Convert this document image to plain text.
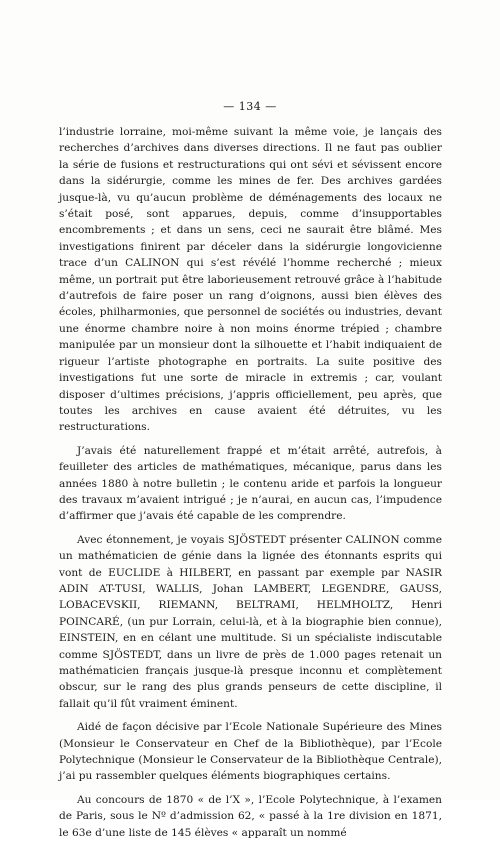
— 134 —

l’industrie lorraine, moi-même suivant la même voie, je lançais des recherches d’archives dans diverses directions. Il ne faut pas oublier la série de fusions et restructurations qui ont sévi et sévissent encore dans la sidérurgie, comme les mines de fer. Des archives gardées jusque-là, vu qu’aucun problème de déménagements des locaux ne s’était posé, sont apparues, depuis, comme d’insupportables encombrements ; et dans un sens, ceci ne saurait être blâmé. Mes investigations finirent par déceler dans la sidérurgie longovicienne trace d’un CALINON qui s’est révélé l’homme recherché ; mieux même, un portrait put être laborieusement retrouvé grâce à l’habitude d’autrefois de faire poser un rang d’oignons, aussi bien élèves des écoles, philharmonies, que personnel de sociétés ou industries, devant une énorme chambre noire à non moins énorme trépied ; chambre manipulée par un monsieur dont la silhouette et l’habit indiquaient de rigueur l’artiste photographe en portraits. La suite positive des investigations fut une sorte de miracle in extremis ; car, voulant disposer d’ultimes précisions, j’appris officiellement, peu après, que toutes les archives en cause avaient été détruites, vu les restructurations.

J’avais été naturellement frappé et m’était arrêté, autrefois, à feuilleter des articles de mathématiques, mécanique, parus dans les années 1880 à notre bulletin ; le contenu aride et parfois la longueur des travaux m’avaient intrigué ; je n’aurai, en aucun cas, l’impudence d’affirmer que j’avais été capable de les comprendre.

Avec étonnement, je voyais SJÖSTEDT présenter CALINON comme un mathématicien de génie dans la lignée des étonnants esprits qui vont de EUCLIDE à HILBERT, en passant par exemple par NASIR ADIN AT-TUSI, WALLIS, Johan LAMBERT, LEGENDRE, GAUSS, LOBACEVSKII, RIEMANN, BELTRAMI, HELMHOLTZ, Henri POINCARÉ, (un pur Lorrain, celui-là, et à la biographie bien connue), EINSTEIN, en en célant une multitude. Si un spécialiste indiscutable comme SJÖSTEDT, dans un livre de près de 1.000 pages retenait un mathématicien français jusque-là presque inconnu et complètement obscur, sur le rang des plus grands penseurs de cette discipline, il fallait qu’il fût vraiment éminent.

Aidé de façon décisive par l’Ecole Nationale Supérieure des Mines (Monsieur le Conservateur en Chef de la Bibliothèque), par l’Ecole Polytechnique (Monsieur le Conservateur de la Bibliothèque Centrale), j’ai pu rassembler quelques éléments biographiques certains.

Au concours de 1870 « de l’X », l’Ecole Polytechnique, à l’examen de Paris, sous le Nº d’admission 62, « passé à la 1re division en 1871, le 63e d’une liste de 145 élèves « apparaît un nommé
